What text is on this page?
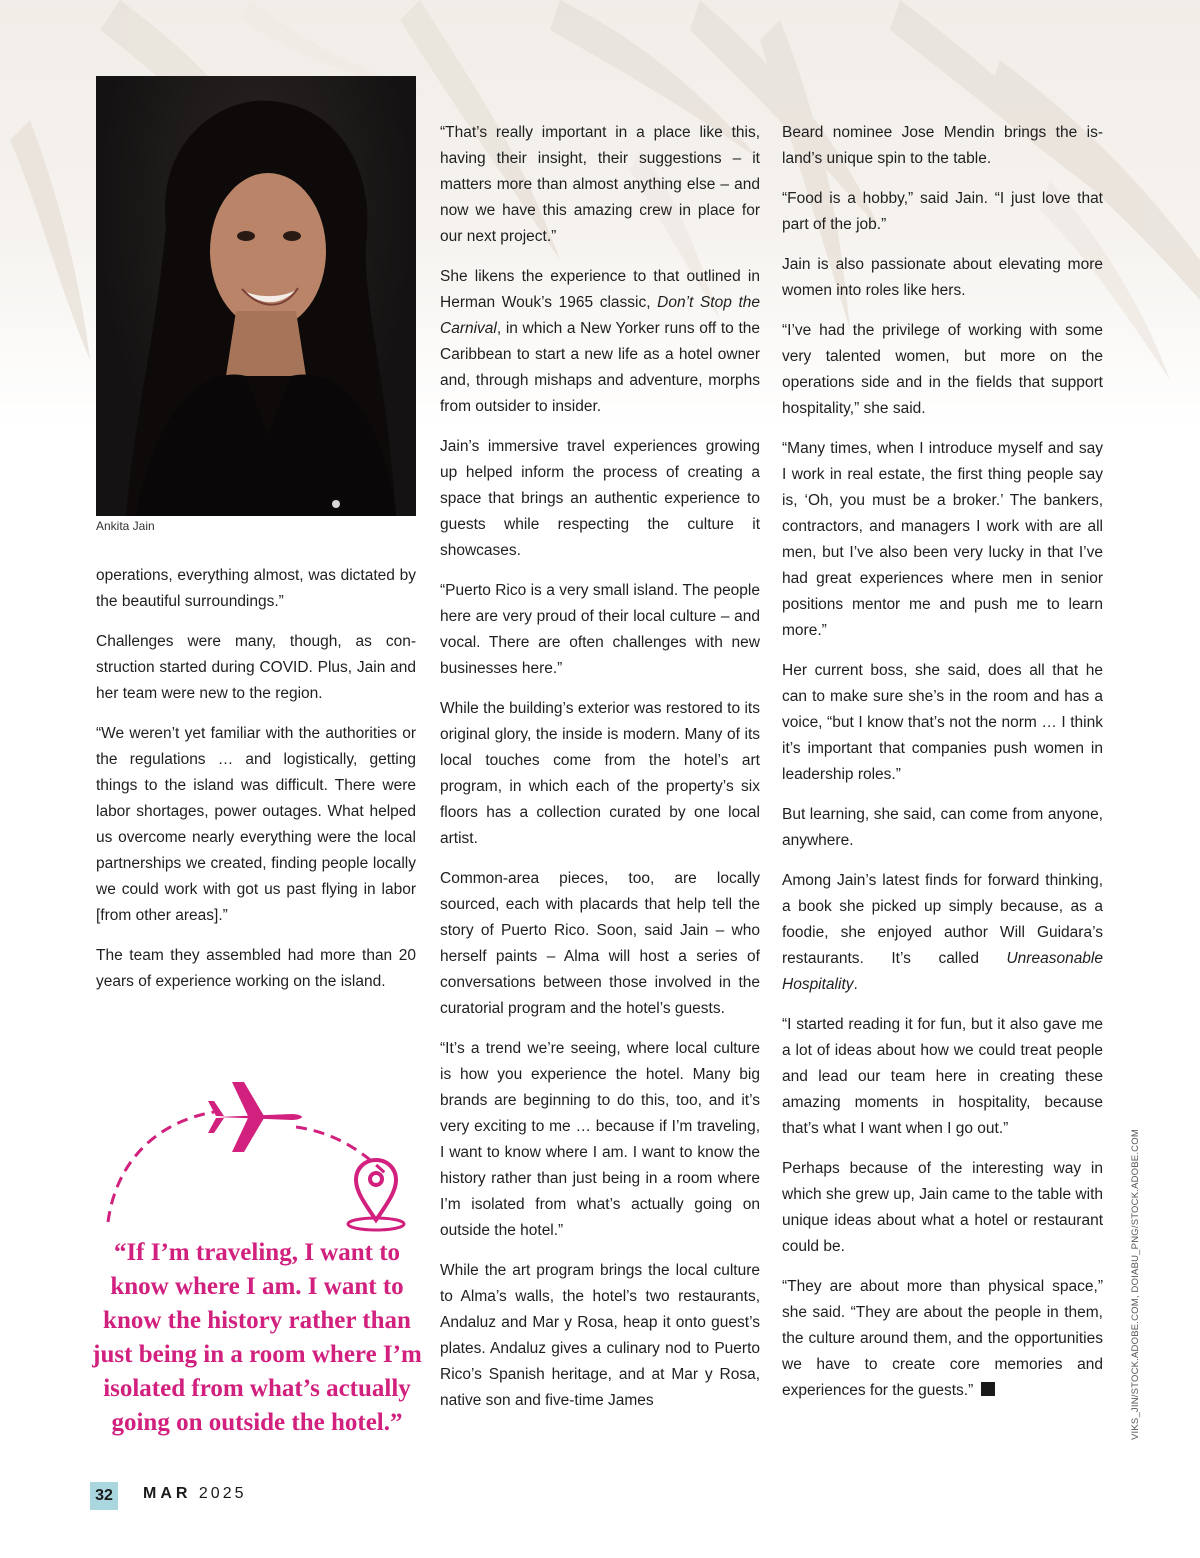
Ankita Jain

operations, everything almost, was dictated by the beautiful surroundings.”

Challenges were many, though, as construction started during COVID. Plus, Jain and her team were new to the region.

“We weren’t yet familiar with the authorities or the regulations … and logistically, getting things to the island was difficult. There were labor shortages, power outages. What helped us overcome nearly everything were the local partnerships we created, finding people locally we could work with got us past flying in labor [from other areas].”

The team they assembled had more than 20 years of experience working on the island.

“If I’m traveling, I want to know where I am. I want to know the history rather than just being in a room where I’m isolated from what’s actually going on outside the hotel.”

“That’s really important in a place like this, having their insight, their suggestions – it matters more than almost anything else – and now we have this amazing crew in place for our next project.”

She likens the experience to that outlined in Herman Wouk’s 1965 classic, Don’t Stop the Carnival, in which a New Yorker runs off to the Caribbean to start a new life as a hotel owner and, through mishaps and adventure, morphs from outsider to insider.

Jain’s immersive travel experiences growing up helped inform the process of creating a space that brings an authentic experience to guests while respecting the culture it showcases.

“Puerto Rico is a very small island. The people here are very proud of their local culture – and vocal. There are often challenges with new businesses here.”

While the building’s exterior was restored to its original glory, the inside is modern. Many of its local touches come from the hotel’s art program, in which each of the property’s six floors has a collection curated by one local artist.

Common-area pieces, too, are locally sourced, each with placards that help tell the story of Puerto Rico. Soon, said Jain – who herself paints – Alma will host a series of conversations between those involved in the curatorial program and the hotel’s guests.

“It’s a trend we’re seeing, where local culture is how you experience the hotel. Many big brands are beginning to do this, too, and it’s very exciting to me … because if I’m traveling, I want to know where I am. I want to know the history rather than just being in a room where I’m isolated from what’s actually going on outside the hotel.”

While the art program brings the local culture to Alma’s walls, the hotel’s two restaurants, Andaluz and Mar y Rosa, heap it onto guest’s plates. Andaluz gives a culinary nod to Puerto Rico’s Spanish heritage, and at Mar y Rosa, native son and five-time James

Beard nominee Jose Mendin brings the island’s unique spin to the table.

“Food is a hobby,” said Jain. “I just love that part of the job.”

Jain is also passionate about elevating more women into roles like hers.

“I’ve had the privilege of working with some very talented women, but more on the operations side and in the fields that support hospitality,” she said.

“Many times, when I introduce myself and say I work in real estate, the first thing people say is, ‘Oh, you must be a broker.’ The bankers, contractors, and managers I work with are all men, but I’ve also been very lucky in that I’ve had great experiences where men in senior positions mentor me and push me to learn more.”

Her current boss, she said, does all that he can to make sure she’s in the room and has a voice, “but I know that’s not the norm … I think it’s important that companies push women in leadership roles.”

But learning, she said, can come from anyone, anywhere.

Among Jain’s latest finds for forward thinking, a book she picked up simply because, as a foodie, she enjoyed author Will Guidara’s restaurants. It’s called Unreasonable Hospitality.

“I started reading it for fun, but it also gave me a lot of ideas about how we could treat people and lead our team here in creating these amazing moments in hospitality, because that’s what I want when I go out.”

Perhaps because of the interesting way in which she grew up, Jain came to the table with unique ideas about what a hotel or restaurant could be.

“They are about more than physical space,” she said. “They are about the people in them, the culture around them, and the opportunities we have to create core memories and experiences for the guests.”	VIKS_JIN/STOCK.ADOBE.COM, DOIABU_PNG/STOCK.ADOBE.COM
32	MAR 2025
